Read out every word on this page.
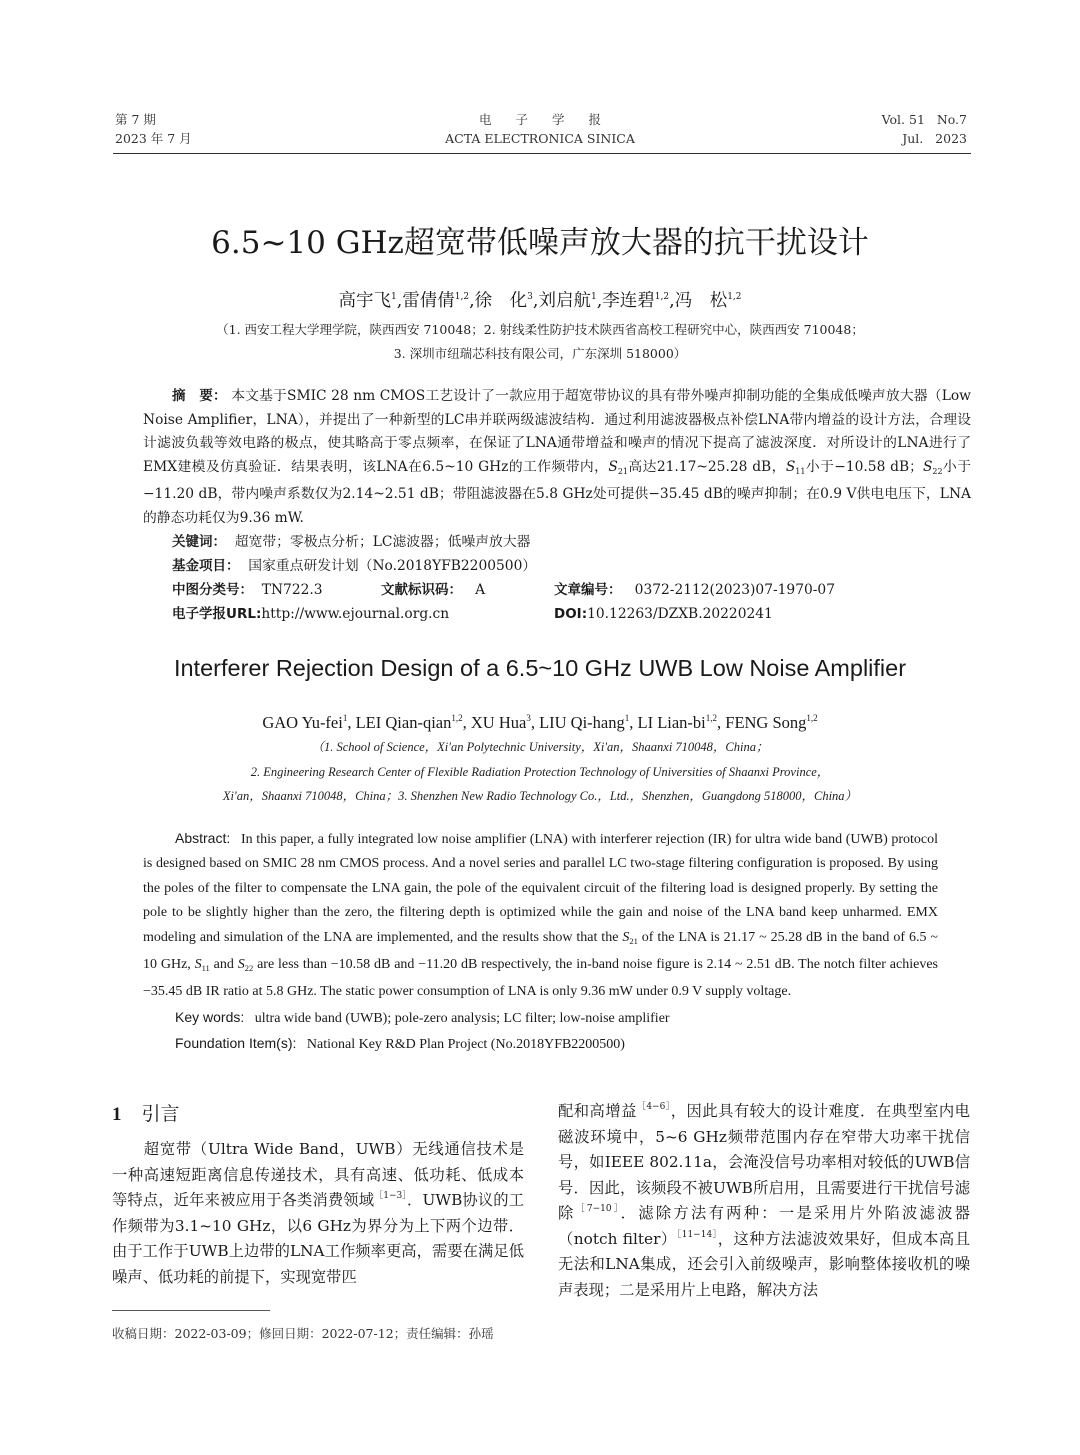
第 7 期
2023 年 7 月
电子学报
ACTA ELECTRONICA SINICA
Vol. 51   No.7
Jul.   2023
6.5~10 GHz超宽带低噪声放大器的抗干扰设计
高宇飞$^1$,雷倩倩$^{1,2}$,徐　化$^3$,刘启航$^1$,李连碧$^{1,2}$,冯　松$^{1,2}$
（1. 西安工程大学理学院，陕西西安 710048；2. 射线柔性防护技术陕西省高校工程研究中心，陕西西安 710048；
3. 深圳市纽瑞芯科技有限公司，广东深圳 518000）
摘　要： 本文基于SMIC 28 nm CMOS工艺设计了一款应用于超宽带协议的具有带外噪声抑制功能的全集成低噪声放大器（Low Noise Amplifier，LNA），并提出了一种新型的LC串并联两级滤波结构．通过利用滤波器极点补偿LNA带内增益的设计方法，合理设计滤波负载等效电路的极点，使其略高于零点频率，在保证了LNA通带增益和噪声的情况下提高了滤波深度．对所设计的LNA进行了EMX建模及仿真验证．结果表明，该LNA在6.5~10 GHz的工作频带内，$S_{21}$高达21.17~25.28 dB，$S_{11}$小于−10.58 dB；$S_{22}$小于−11.20 dB，带内噪声系数仅为2.14~2.51 dB；带阻滤波器在5.8 GHz处可提供−35.45 dB的噪声抑制；在0.9 V供电电压下，LNA的静态功耗仅为9.36 mW.
关键词： 超宽带；零极点分析；LC滤波器；低噪声放大器
基金项目： 国家重点研发计划（No.2018YFB2200500）
中图分类号： TN722.3	文献标识码： A	文章编号： 0372-2112(2023)07-1970-07
电子学报URL:http://www.ejournal.org.cn	DOI:10.12263/DZXB.20220241
Interferer Rejection Design of a 6.5~10 GHz UWB Low Noise Amplifier
GAO Yu-fei$^1$, LEI Qian-qian$^{1,2}$, XU Hua$^3$, LIU Qi-hang$^1$, LI Lian-bi$^{1,2}$, FENG Song$^{1,2}$
（1. School of Science，Xi'an Polytechnic University，Xi'an，Shaanxi 710048，China；
2. Engineering Research Center of Flexible Radiation Protection Technology of Universities of Shaanxi Province，
Xi'an，Shaanxi 710048，China；3. Shenzhen New Radio Technology Co.，Ltd.，Shenzhen，Guangdong 518000，China）
Abstract: In this paper, a fully integrated low noise amplifier (LNA) with interferer rejection (IR) for ultra wide band (UWB) protocol is designed based on SMIC 28 nm CMOS process. And a novel series and parallel LC two-stage filtering configuration is proposed. By using the poles of the filter to compensate the LNA gain, the pole of the equivalent circuit of the filtering load is designed properly. By setting the pole to be slightly higher than the zero, the filtering depth is optimized while the gain and noise of the LNA band keep unharmed. EMX modeling and simulation of the LNA are implemented, and the results show that the $S_{21}$ of the LNA is 21.17 ~ 25.28 dB in the band of 6.5 ~ 10 GHz, $S_{11}$ and $S_{22}$ are less than −10.58 dB and −11.20 dB respectively, the in-band noise figure is 2.14 ~ 2.51 dB. The notch filter achieves −35.45 dB IR ratio at 5.8 GHz. The static power consumption of LNA is only 9.36 mW under 0.9 V supply voltage.
Key words: ultra wide band (UWB); pole-zero analysis; LC filter; low-noise amplifier
Foundation Item(s): National Key R&D Plan Project (No.2018YFB2200500)
1 引言

超宽带（Ultra Wide Band，UWB）无线通信技术是一种高速短距离信息传递技术，具有高速、低功耗、低成本等特点，近年来被应用于各类消费领域$^{[1-3]}$．UWB协议的工作频带为3.1~10 GHz，以6 GHz为界分为上下两个边带．由于工作于UWB上边带的LNA工作频率更高，需要在满足低噪声、低功耗的前提下，实现宽带匹

配和高增益$^{[4-6]}$，因此具有较大的设计难度．在典型室内电磁波环境中，5~6 GHz频带范围内存在窄带大功率干扰信号，如IEEE 802.11a，会淹没信号功率相对较低的UWB信号．因此，该频段不被UWB所启用，且需要进行干扰信号滤除$^{[7-10]}$．滤除方法有两种：一是采用片外陷波滤波器（notch filter）$^{[11-14]}$，这种方法滤波效果好，但成本高且无法和LNA集成，还会引入前级噪声，影响整体接收机的噪声表现；二是采用片上电路，解决方法

收稿日期：2022-03-09；修回日期：2022-07-12；责任编辑：孙瑶
